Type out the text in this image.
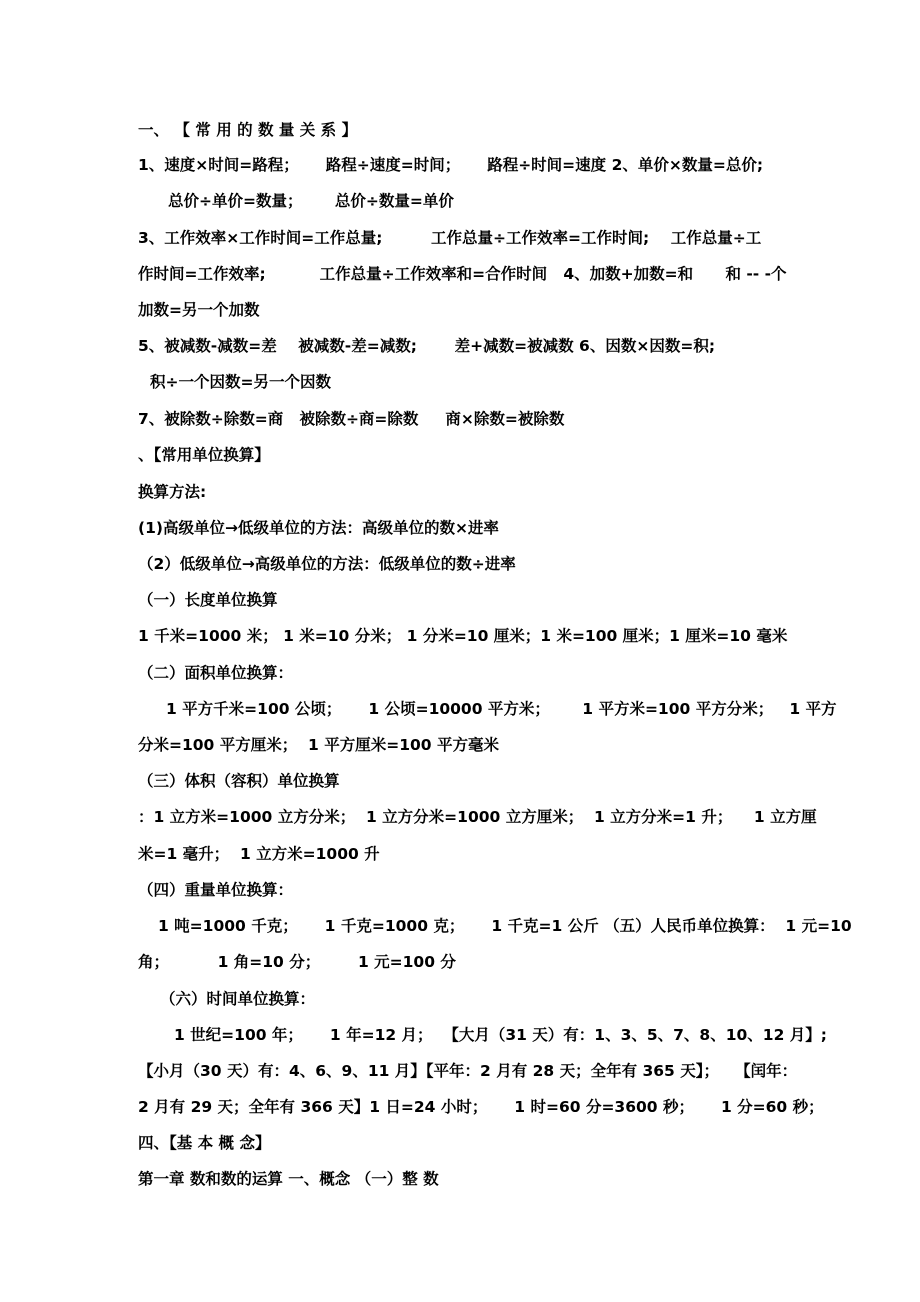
一、 【 常 用 的 数 量 关 系 】
1、速度×时间=路程；     路程÷速度=时间；     路程÷时间=速度 2、单价×数量=总价;
总价÷单价=数量；      总价÷数量=单价
3、工作效率×工作时间=工作总量;         工作总量÷工作效率=工作时间;    工作总量÷工
作时间=工作效率;          工作总量÷工作效率和=合作时间   4、加数+加数=和      和 -- -个
加数=另一个加数
5、被减数-减数=差    被减数-差=减数;       差+减数=被减数 6、因数×因数=积;
积÷一个因数=另一个因数
7、被除数÷除数=商   被除数÷商=除数     商×除数=被除数
、【常用单位换算】
换算方法:
(1)高级单位→低级单位的方法：高级单位的数×进率
（2）低级单位→高级单位的方法：低级单位的数÷进率
（一）长度单位换算
1 千米=1000 米； 1 米=10 分米； 1 分米=10 厘米；1 米=100 厘米；1 厘米=10 毫米
（二）面积单位换算：
1 平方千米=100 公顷；     1 公顷=10000 平方米；      1 平方米=100 平方分米；   1 平方
分米=100 平方厘米；  1 平方厘米=100 平方毫米
（三）体积（容积）单位换算
：1 立方米=1000 立方分米；  1 立方分米=1000 立方厘米；  1 立方分米=1 升；    1 立方厘
米=1 毫升；  1 立方米=1000 升
（四）重量单位换算：
1 吨=1000 千克；     1 千克=1000 克；     1 千克=1 公斤 （五）人民币单位换算：  1 元=10
角；         1 角=10 分；       1 元=100 分
（六）时间单位换算：
1 世纪=100 年；     1 年=12 月；  【大月（31 天）有：1、3、5、7、8、10、12 月】;
【小月（30 天）有：4、6、9、11 月】【平年：2 月有 28 天；全年有 365 天】；   【闰年：
2 月有 29 天；全年有 366 天】1 日=24 小时；     1 时=60 分=3600 秒；     1 分=60 秒；
四、【基 本 概 念】
第一章 数和数的运算 一、概念 （一）整 数
